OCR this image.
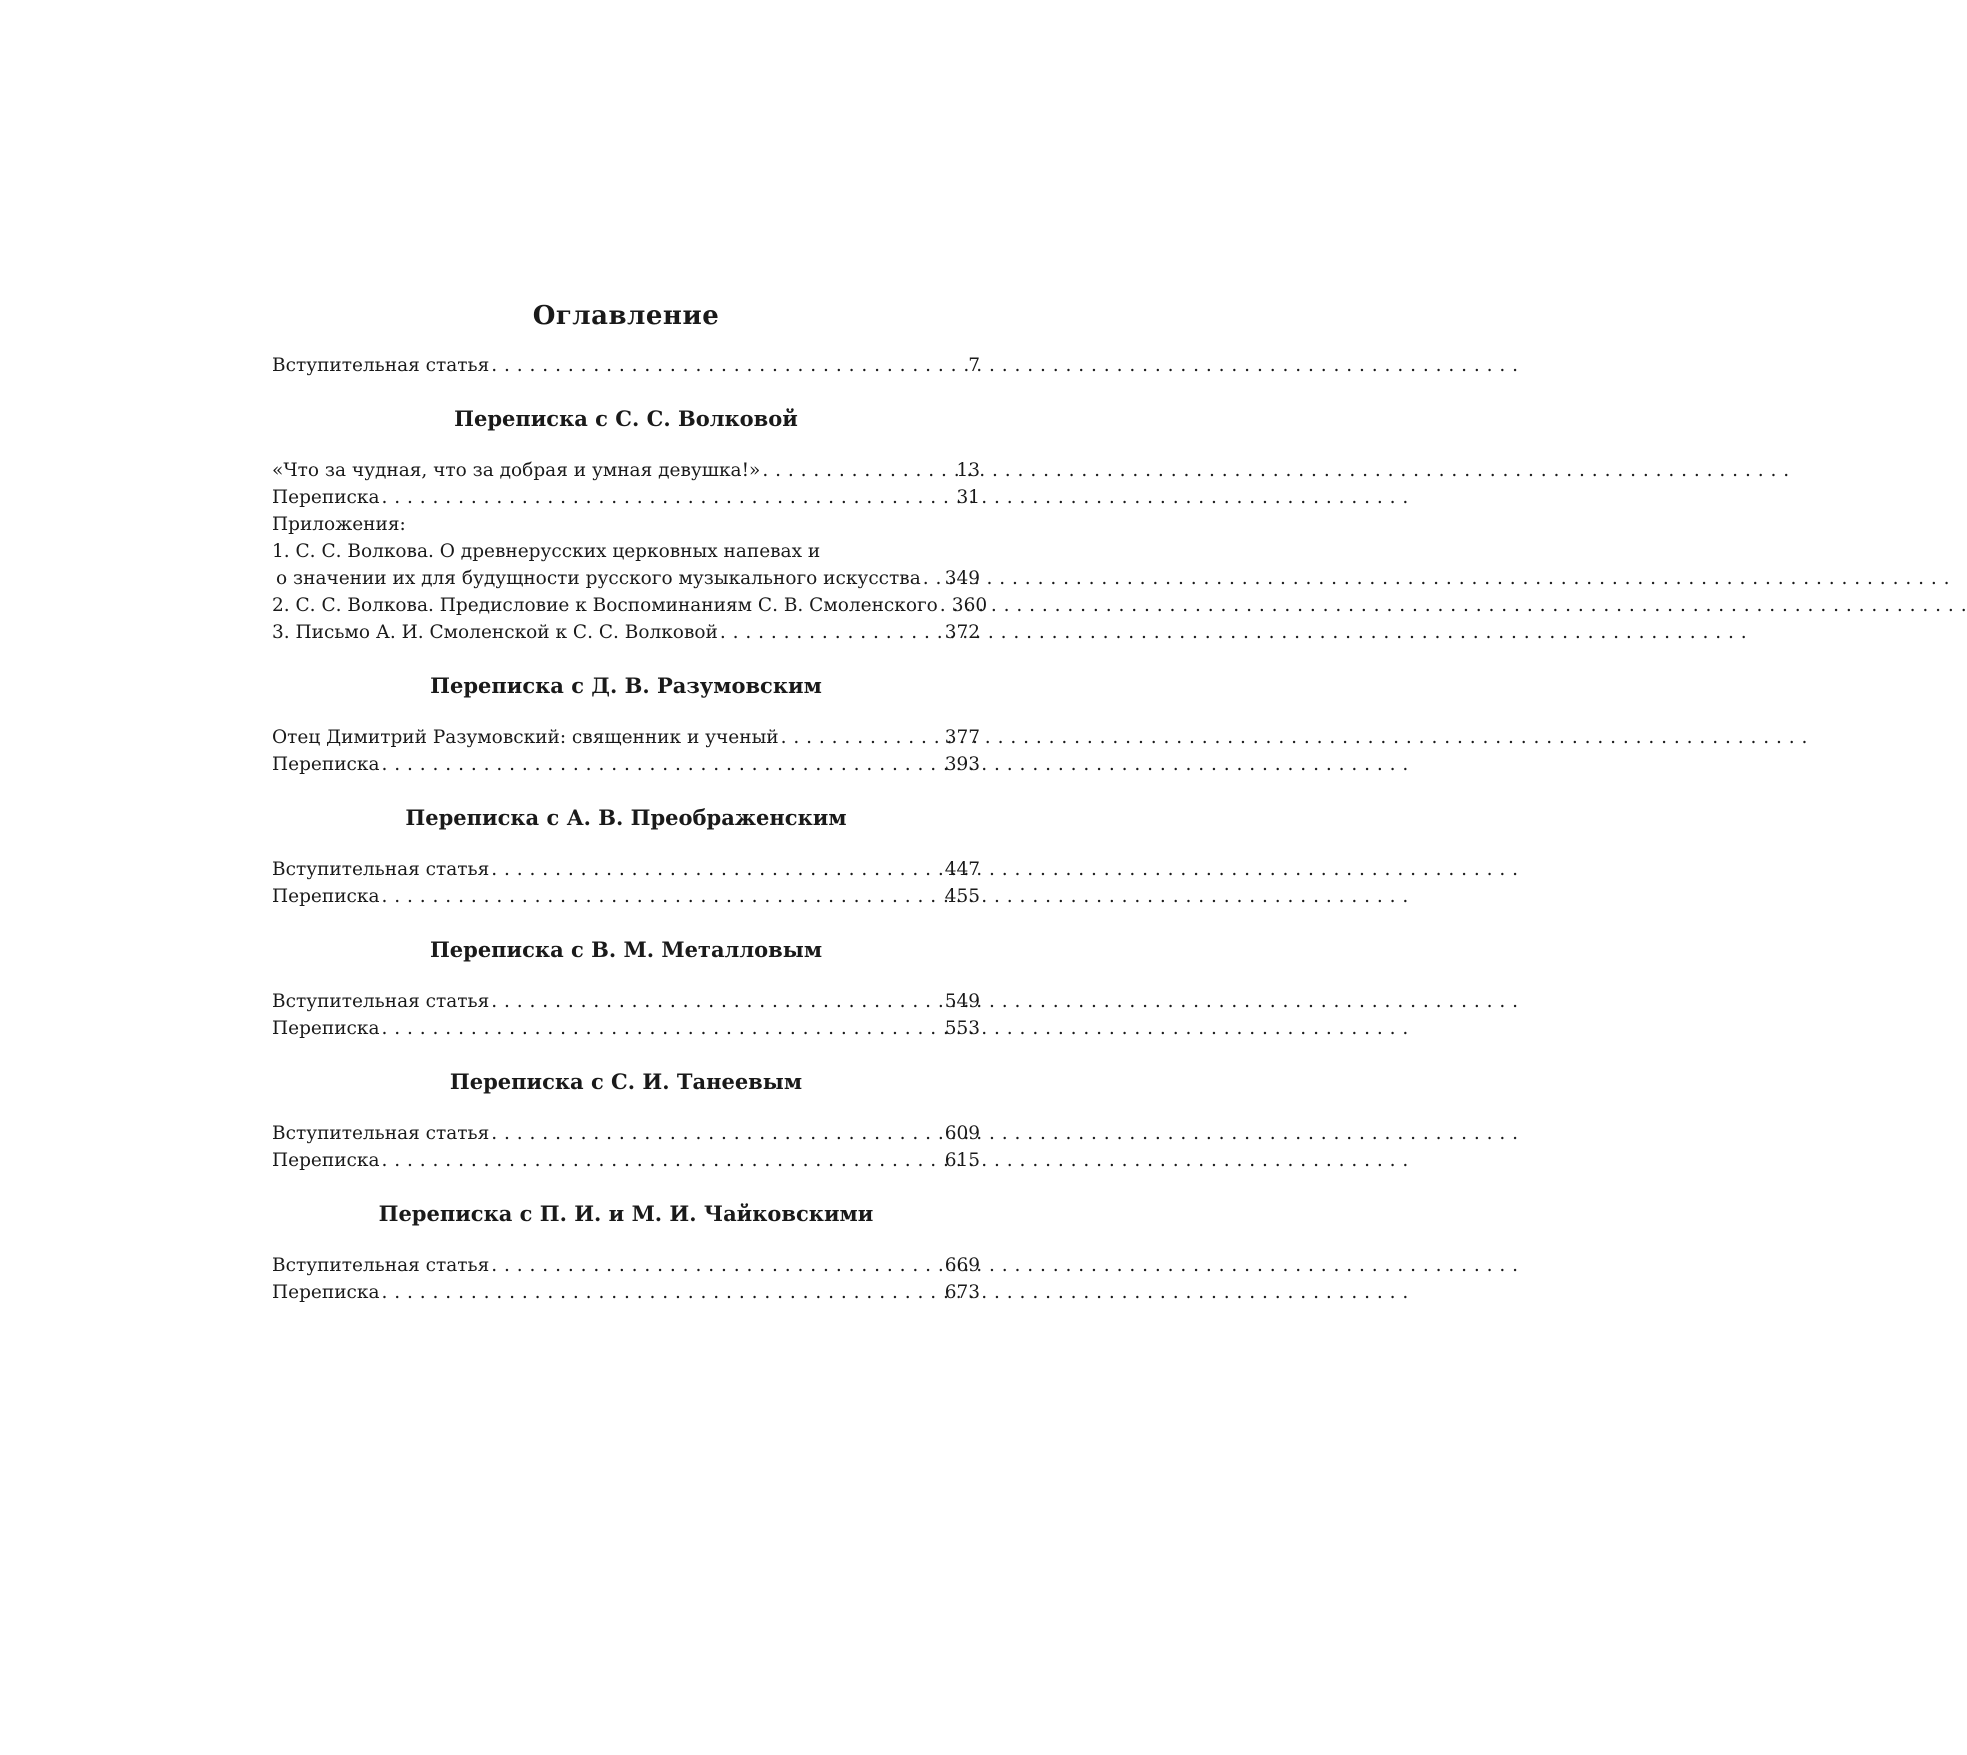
Оглавление
Вступительная статья . . .	7
Переписка с С. С. Волковой
«Что за чудная, что за добрая и умная девушка!» . . .	13
Переписка . . .	31
Приложения:
1. С. С. Волкова. О древнерусских церковных напевах и
о значении их для будущности русского музыкального искусства . . . 349
2. С. С. Волкова. Предисловие к Воспоминаниям С. В. Смоленского . . . 360
3. Письмо А. И. Смоленской к С. С. Волковой . . .	372
Переписка с Д. В. Разумовским
Отец Димитрий Разумовский: священник и ученый . . .	377
Переписка . . .	393
Переписка с А. В. Преображенским
Вступительная статья . . .	447
Переписка . . .	455
Переписка с В. М. Металловым
Вступительная статья . . .	549
Переписка . . .	553
Переписка с С. И. Танеевым
Вступительная статья . . .	609
Переписка . . .	615
Переписка с П. И. и М. И. Чайковскими
Вступительная статья . . .	669
Переписка . . .	673
